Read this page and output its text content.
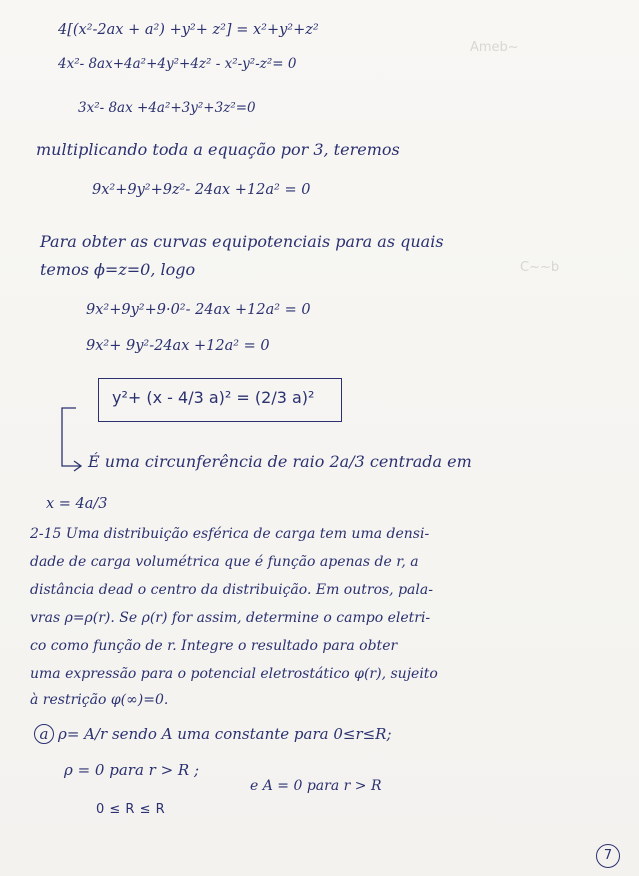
Ameb~
C~~b
4[(x²-2ax + a²) +y²+ z²] = x²+y²+z²
4x²- 8ax+4a²+4y²+4z² - x²-y²-z²= 0
3x²- 8ax +4a²+3y²+3z²=0
multiplicando toda a equação por 3, teremos
9x²+9y²+9z²- 24ax +12a² = 0
Para obter as curvas equipotenciais para as quais
temos ϕ=z=0, logo
9x²+9y²+9·0²- 24ax +12a² = 0
9x²+ 9y²-24ax +12a² = 0
y²+ (x - 4/3 a)² = (2/3 a)²
É uma circunferência de raio 2a/3 centrada em
x = 4a/3
2-15 Uma distribuição esférica de carga tem uma densi-
dade de carga volumétrica que é função apenas de r, a
distância dead o centro da distribuição. Em outros, pala-
vras ρ=ρ(r). Se ρ(r) for assim, determine o campo eletri-
co como função de r. Integre o resultado para obter
uma expressão para o potencial eletrostático φ(r), sujeito
à restrição φ(∞)=0.
a ρ= A/r sendo A uma constante para 0≤r≤R;
ρ = 0 para r > R ;
0 ≤ R ≤ R
e A = 0 para r > R
7
